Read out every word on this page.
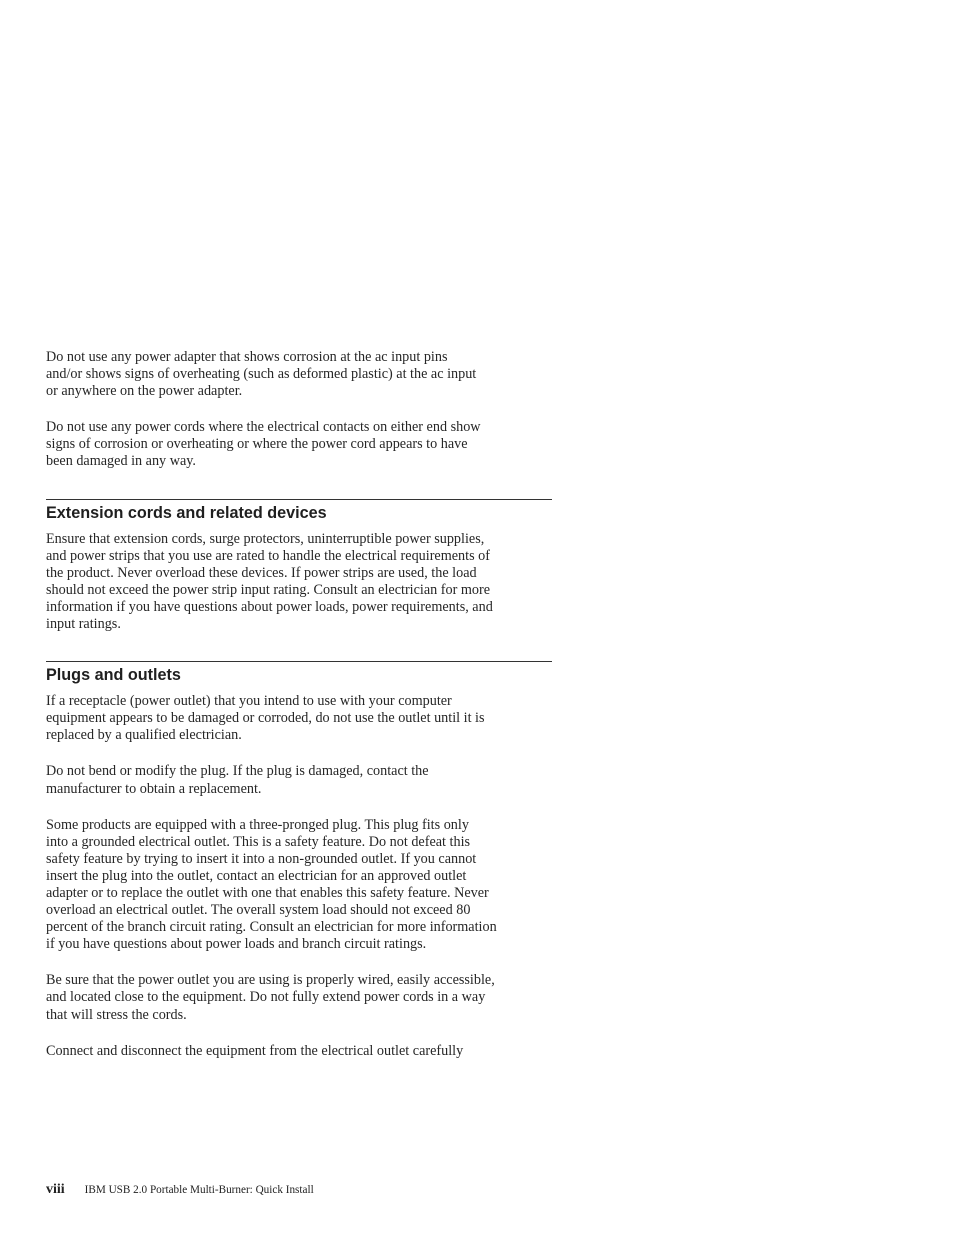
Do not use any power adapter that shows corrosion at the ac input pins
and/or shows signs of overheating (such as deformed plastic) at the ac input
or anywhere on the power adapter.

Do not use any power cords where the electrical contacts on either end show
signs of corrosion or overheating or where the power cord appears to have
been damaged in any way.

Extension cords and related devices

Ensure that extension cords, surge protectors, uninterruptible power supplies,
and power strips that you use are rated to handle the electrical requirements of
the product. Never overload these devices. If power strips are used, the load
should not exceed the power strip input rating. Consult an electrician for more
information if you have questions about power loads, power requirements, and
input ratings.

Plugs and outlets

If a receptacle (power outlet) that you intend to use with your computer
equipment appears to be damaged or corroded, do not use the outlet until it is
replaced by a qualified electrician.

Do not bend or modify the plug. If the plug is damaged, contact the
manufacturer to obtain a replacement.

Some products are equipped with a three-pronged plug. This plug fits only
into a grounded electrical outlet. This is a safety feature. Do not defeat this
safety feature by trying to insert it into a non-grounded outlet. If you cannot
insert the plug into the outlet, contact an electrician for an approved outlet
adapter or to replace the outlet with one that enables this safety feature. Never
overload an electrical outlet. The overall system load should not exceed 80
percent of the branch circuit rating. Consult an electrician for more information
if you have questions about power loads and branch circuit ratings.

Be sure that the power outlet you are using is properly wired, easily accessible,
and located close to the equipment. Do not fully extend power cords in a way
that will stress the cords.

Connect and disconnect the equipment from the electrical outlet carefully

viii IBM USB 2.0 Portable Multi-Burner: Quick Install
